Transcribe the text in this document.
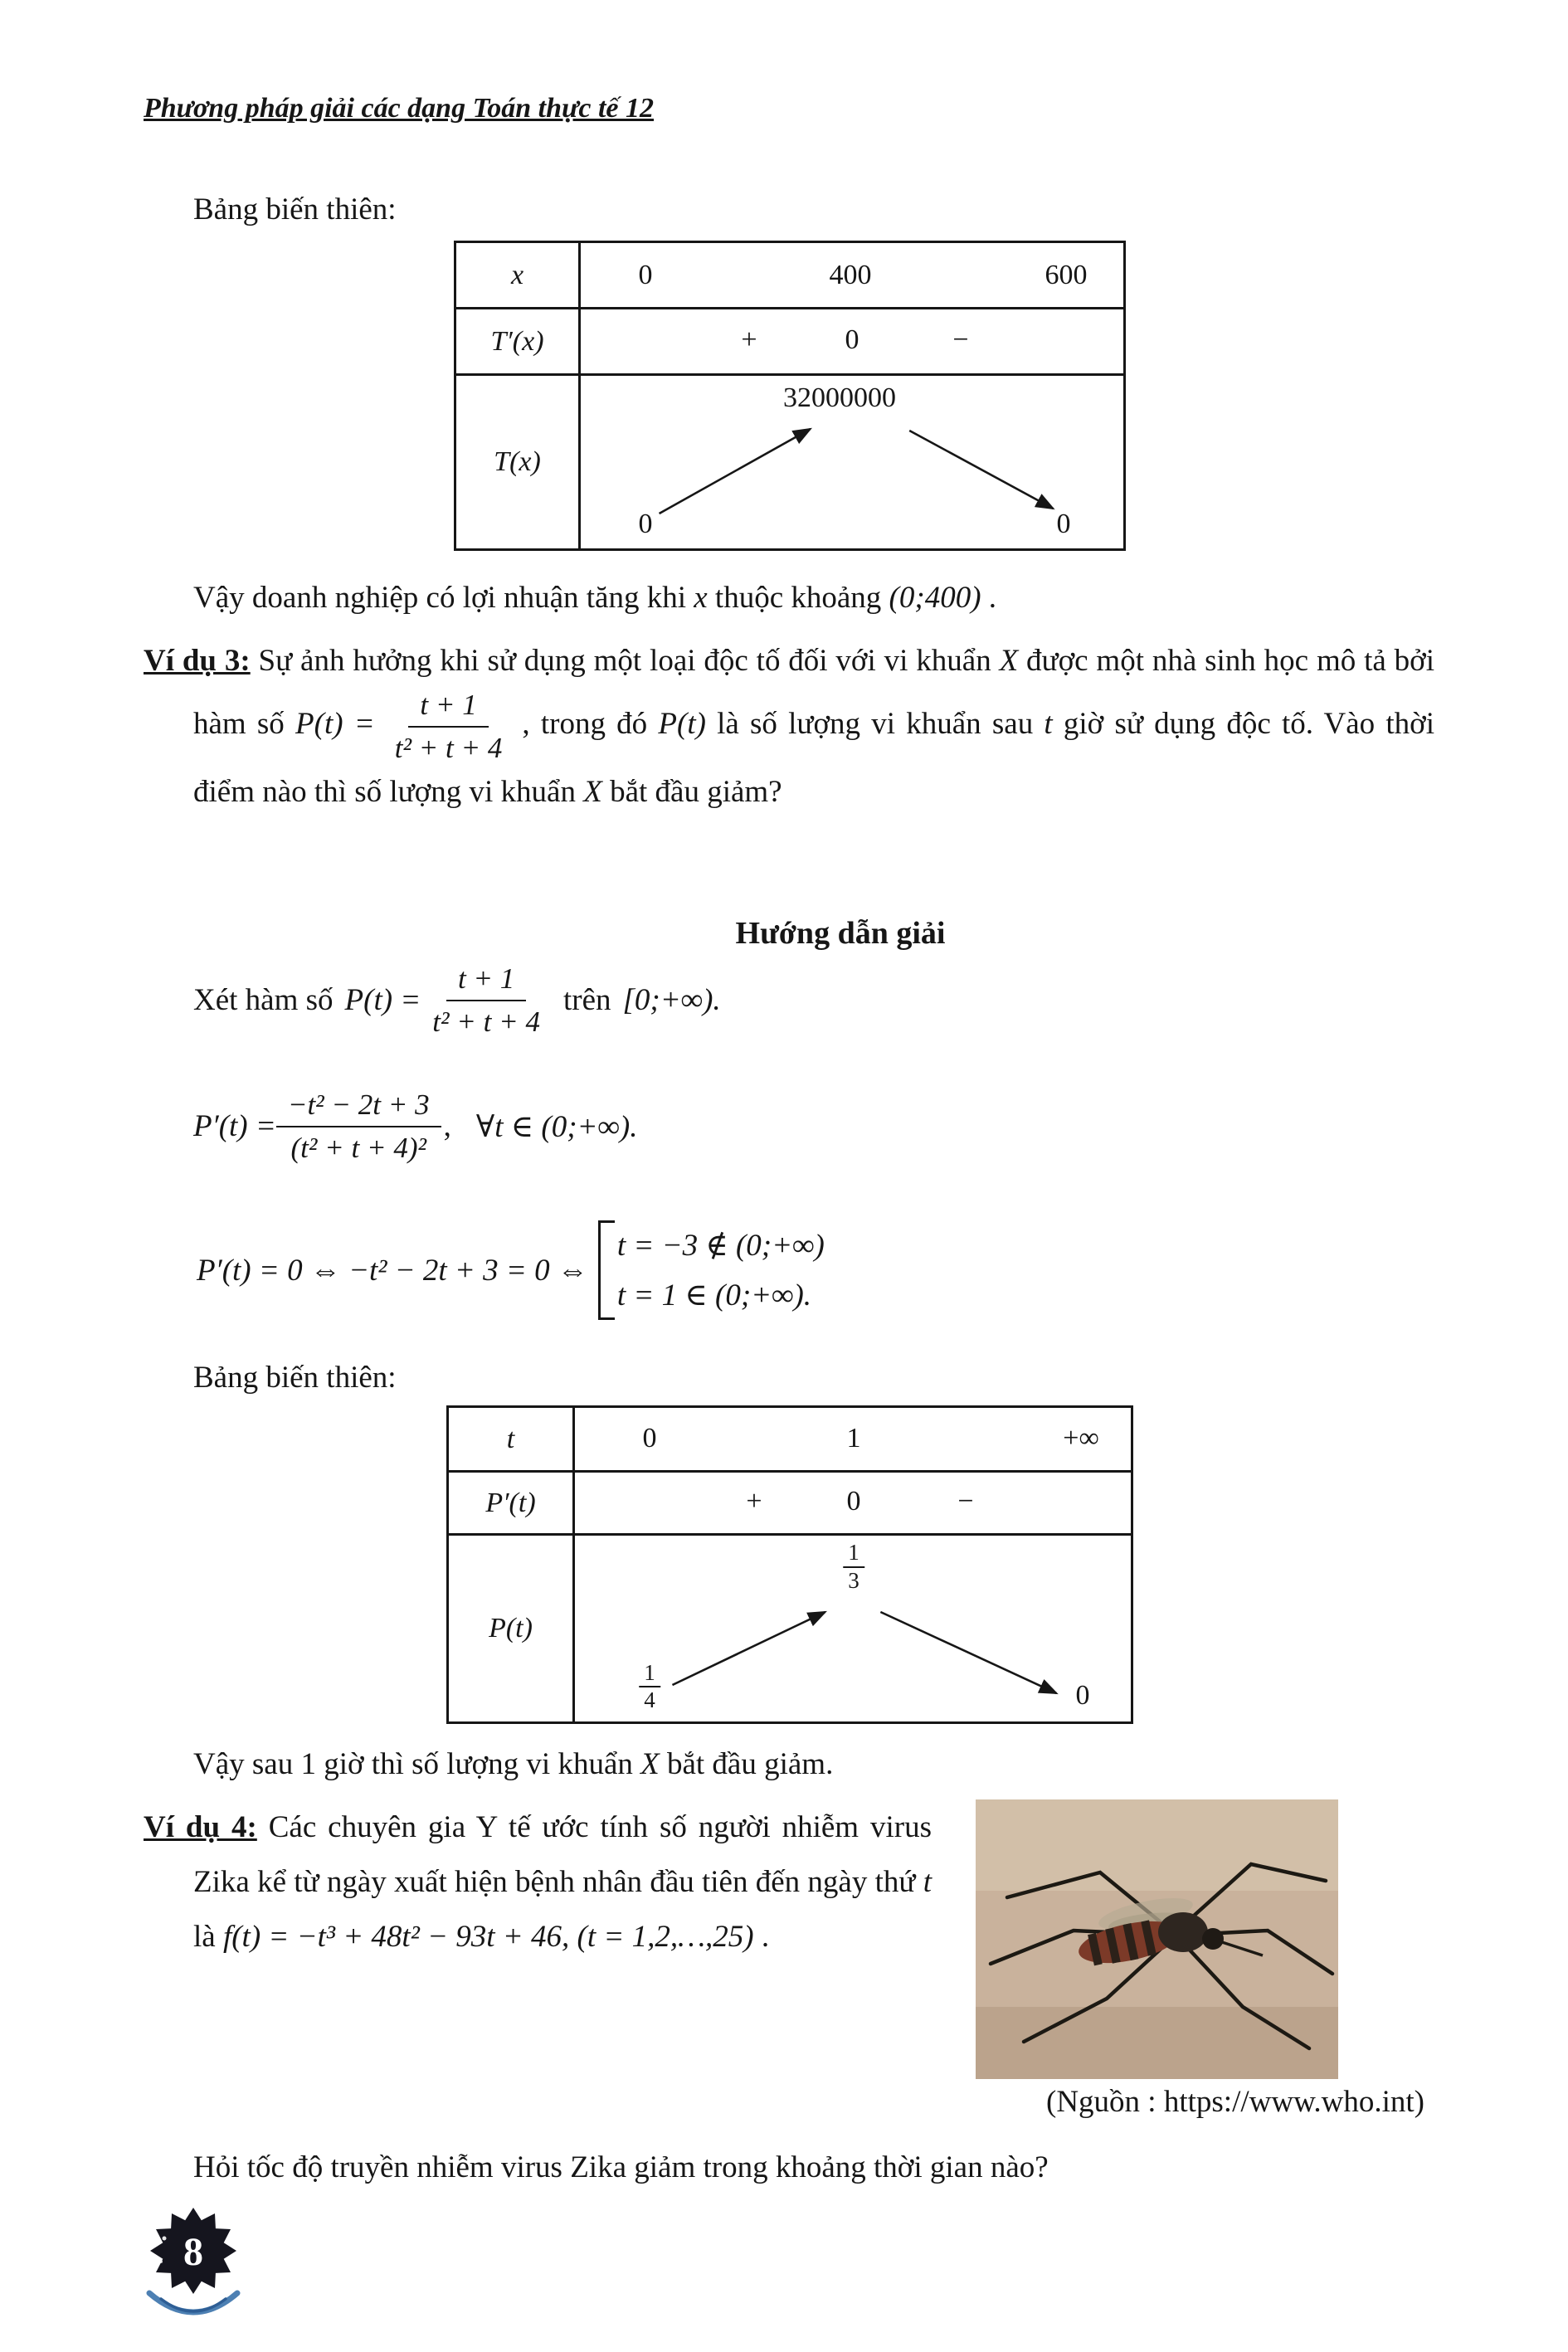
Phương pháp giải các dạng Toán thực tế 12
Bảng biến thiên:
x	0	400	600
T′(x)	+	0	−
T(x)
32000000
0	0
Vậy doanh nghiệp có lợi nhuận tăng khi x thuộc khoảng (0;400) .
Ví dụ 3: Sự ảnh hưởng khi sử dụng một loại độc tố đối với vi khuẩn X được một nhà sinh học mô tả bởi hàm số $P(t) = \frac{t + 1}{\text{t² + t + 4}}$ , trong đó P(t) là số lượng vi khuẩn sau t giờ sử dụng độc tố. Vào thời điểm nào thì số lượng vi khuẩn X bắt đầu giảm?
Hướng dẫn giải
Xét hàm số $P(t) = \frac{t + 1}{\text{t² + t + 4}}$ trên [0;+∞).
$P'(t) = \frac{\text{−t² − 2t + 3}}{\text{(t² + t + 4)²}}$ , ∀t ∈ (0;+∞).
P′(t) = 0 ⇔ −t² − 2t + 3 = 0 ⇔
t = −3 ∉ (0;+∞)
t = 1 ∈ (0;+∞).
Bảng biến thiên:
t	0	1	+∞
P′(t)	+	0	−
P(t)
$\frac{1}{3}$
$\frac{1}{4}$	0
Vậy sau 1 giờ thì số lượng vi khuẩn X bắt đầu giảm.
Ví dụ 4: Các chuyên gia Y tế ước tính số người nhiễm virus Zika kể từ ngày xuất hiện bệnh nhân đầu tiên đến ngày thứ t là f(t) = −t³ + 48t² − 93t + 46, (t = 1,2,…,25) .
(Nguồn : https://www.who.int)
Hỏi tốc độ truyền nhiễm virus Zika giảm trong khoảng thời gian nào?
8
